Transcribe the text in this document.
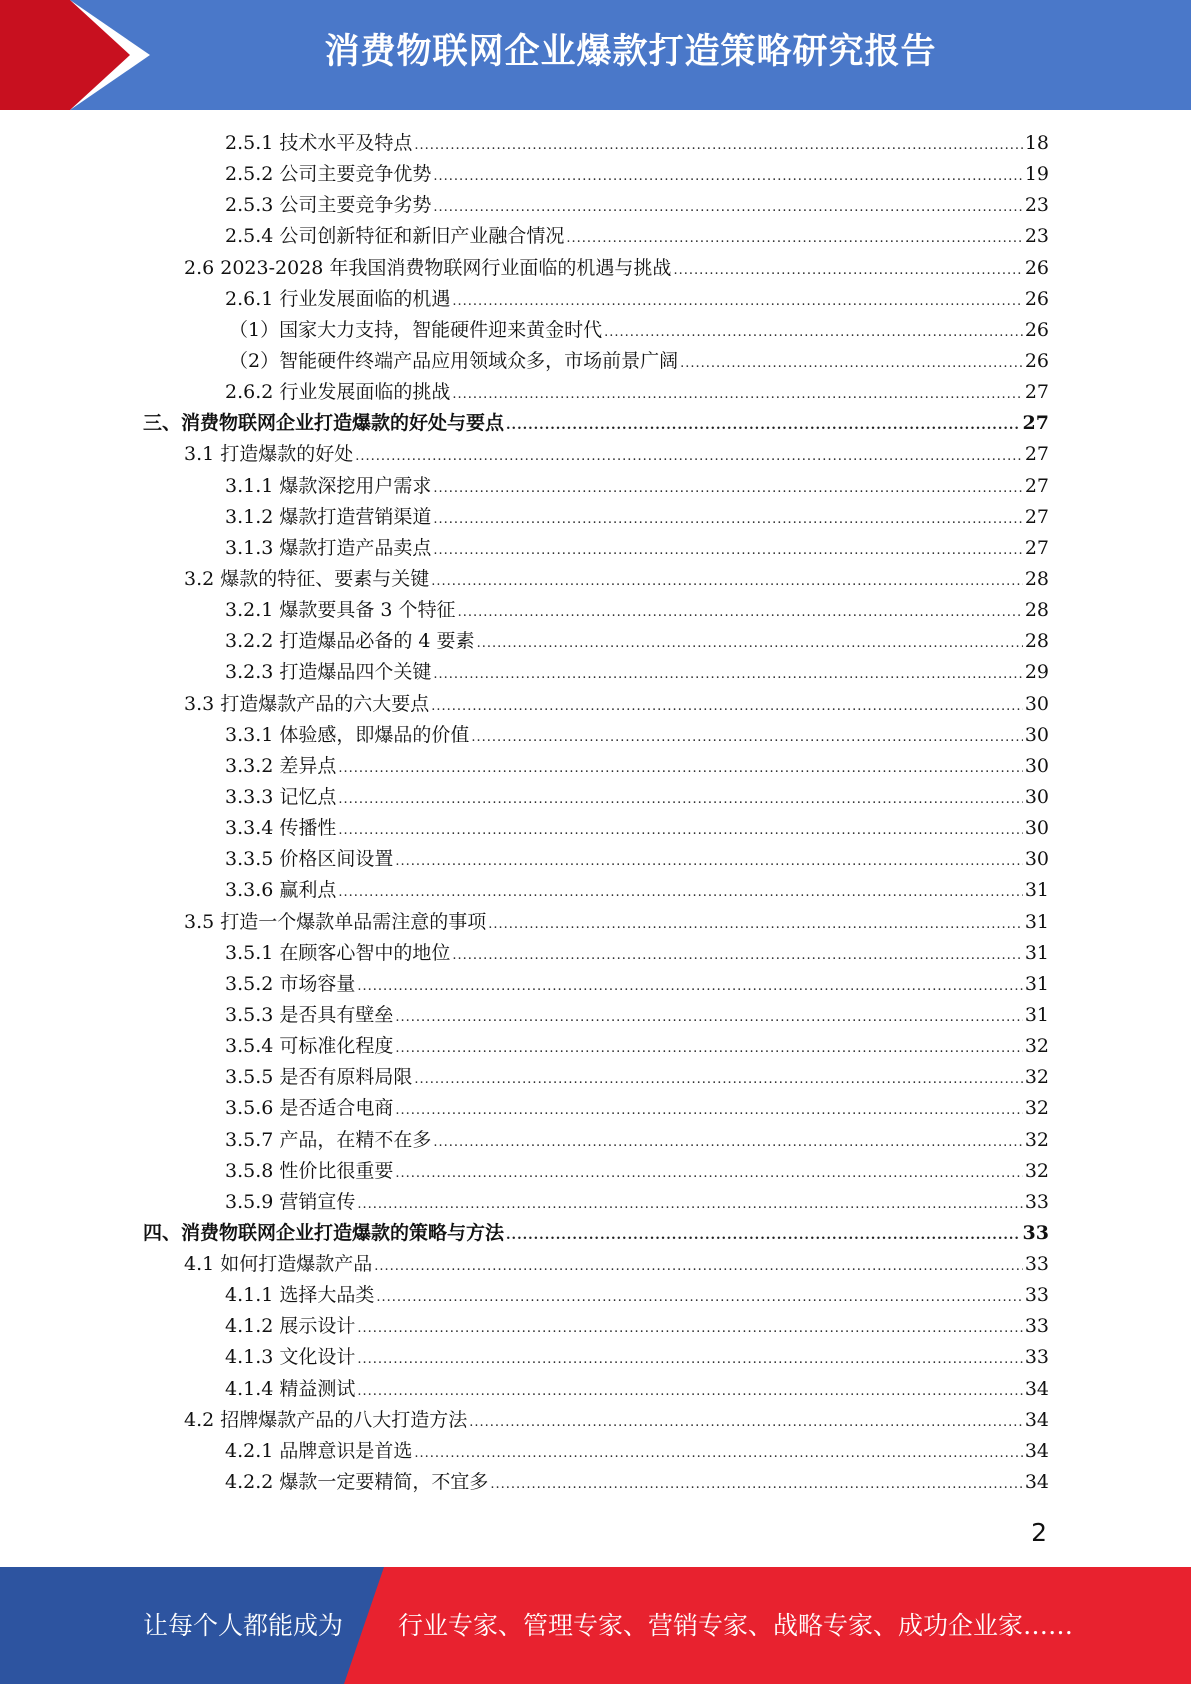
消费物联网企业爆款打造策略研究报告
2.5.1 技术水平及特点 .....	18
2.5.2 公司主要竞争优势 .....	19
2.5.3 公司主要竞争劣势 .....	23
2.5.4 公司创新特征和新旧产业融合情况 .....	23
2.6 2023-2028 年我国消费物联网行业面临的机遇与挑战 .....	26
2.6.1 行业发展面临的机遇 .....	26
（1）国家大力支持，智能硬件迎来黄金时代 .....	26
（2）智能硬件终端产品应用领域众多，市场前景广阔 .....	26
2.6.2 行业发展面临的挑战 .....	27
三、消费物联网企业打造爆款的好处与要点 .....	27
3.1 打造爆款的好处 .....	27
3.1.1 爆款深挖用户需求 .....	27
3.1.2 爆款打造营销渠道 .....	27
3.1.3 爆款打造产品卖点 .....	27
3.2 爆款的特征、要素与关键 .....	28
3.2.1 爆款要具备 3 个特征 .....	28
3.2.2 打造爆品必备的 4 要素 .....	28
3.2.3 打造爆品四个关键 .....	29
3.3 打造爆款产品的六大要点 .....	30
3.3.1 体验感，即爆品的价值 .....	30
3.3.2 差异点 .....	30
3.3.3 记忆点 .....	30
3.3.4 传播性 .....	30
3.3.5 价格区间设置 .....	30
3.3.6 赢利点 .....	31
3.5 打造一个爆款单品需注意的事项 .....	31
3.5.1 在顾客心智中的地位 .....	31
3.5.2 市场容量 .....	31
3.5.3 是否具有壁垒 .....	31
3.5.4 可标准化程度 .....	32
3.5.5 是否有原料局限 .....	32
3.5.6 是否适合电商 .....	32
3.5.7 产品，在精不在多 .....	32
3.5.8 性价比很重要 .....	32
3.5.9 营销宣传 .....	33
四、消费物联网企业打造爆款的策略与方法 .....	33
4.1 如何打造爆款产品 .....	33
4.1.1 选择大品类 .....	33
4.1.2 展示设计 .....	33
4.1.3 文化设计 .....	33
4.1.4 精益测试 .....	34
4.2 招牌爆款产品的八大打造方法 .....	34
4.2.1 品牌意识是首选 .....	34
4.2.2 爆款一定要精简，不宜多 .....	34
2
让每个人都能成为 行业专家、管理专家、营销专家、战略专家、成功企业家……
